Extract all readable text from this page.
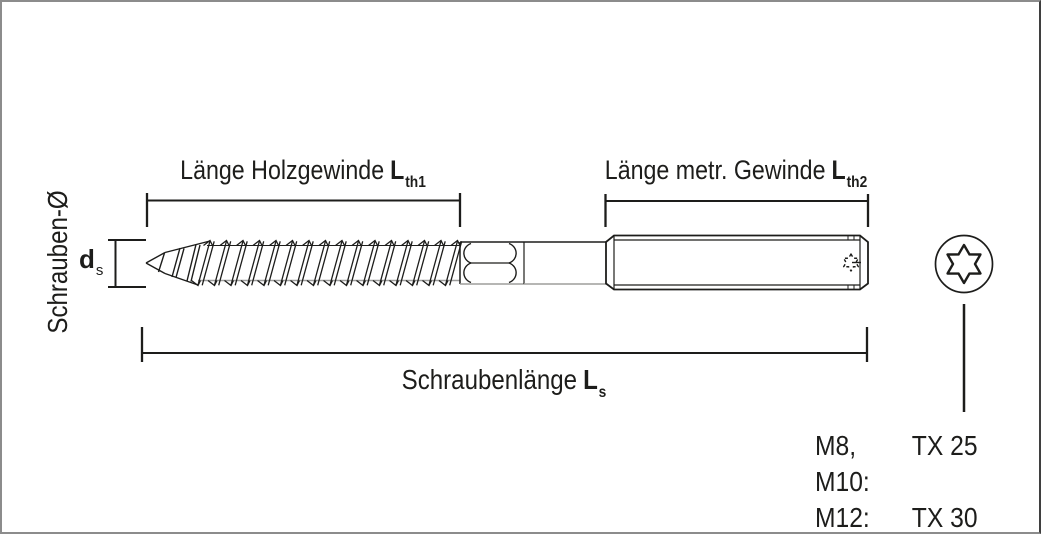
Länge Holzgewinde $L_{th1}$	Länge metr. Gewinde $L_{th2}$
Schraubenlänge $L_s$
Schrauben-Ø $d_s$
M8, M10:
TX 25
M12:	TX 30
